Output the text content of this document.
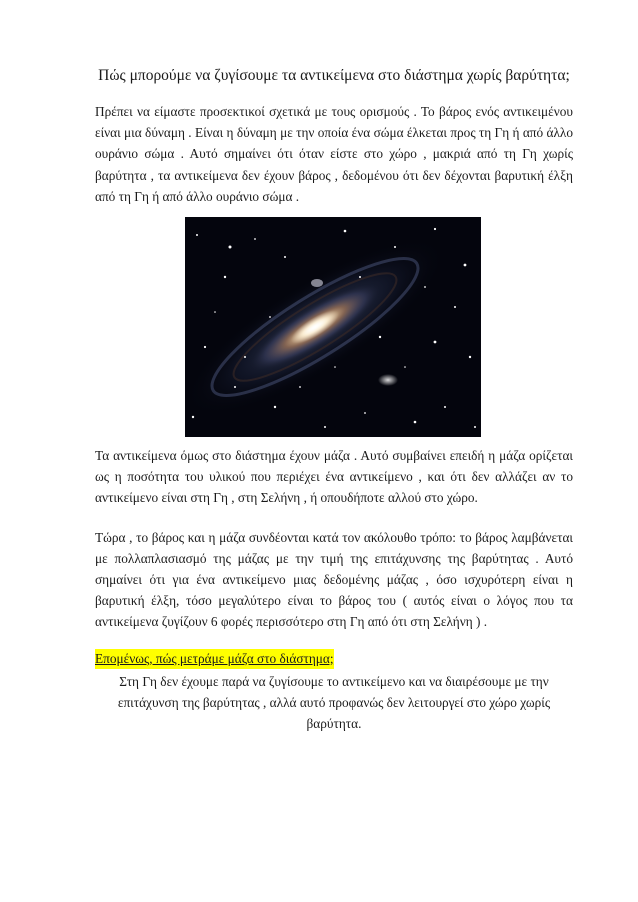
Πώς μπορούμε να ζυγίσουμε τα αντικείμενα στο διάστημα χωρίς βαρύτητα;

Πρέπει να είμαστε προσεκτικοί σχετικά με τους ορισμούς . Το βάρος ενός αντικειμένου είναι μια δύναμη . Είναι η δύναμη με την οποία ένα σώμα έλκεται προς τη Γη ή από άλλο ουράνιο σώμα . Αυτό σημαίνει ότι όταν είστε στο χώρο , μακριά από τη Γη χωρίς βαρύτητα , τα αντικείμενα δεν έχουν βάρος , δεδομένου ότι δεν δέχονται βαρυτική έλξη από τη Γη ή από άλλο ουράνιο σώμα .

Τα αντικείμενα όμως στο διάστημα έχουν μάζα . Αυτό συμβαίνει επειδή η μάζα ορίζεται ως η ποσότητα του υλικού που περιέχει ένα αντικείμενο , και ότι δεν αλλάζει αν το αντικείμενο είναι στη Γη , στη Σελήνη , ή οπουδήποτε αλλού στο χώρο.

Τώρα , το βάρος και η μάζα συνδέονται κατά τον ακόλουθο τρόπο: το βάρος λαμβάνεται με πολλαπλασιασμό της μάζας με την τιμή της επιτάχυνσης της βαρύτητας . Αυτό σημαίνει ότι για ένα αντικείμενο μιας δεδομένης μάζας , όσο ισχυρότερη είναι η βαρυτική έλξη, τόσο μεγαλύτερο είναι το βάρος του ( αυτός είναι ο λόγος που τα αντικείμενα ζυγίζουν 6 φορές περισσότερο στη Γη από ότι στη Σελήνη ) .

Επομένως, πώς μετράμε μάζα στο διάστημα;

Στη Γη δεν έχουμε παρά να ζυγίσουμε το αντικείμενο και να διαιρέσουμε με την επιτάχυνση της βαρύτητας , αλλά αυτό προφανώς δεν λειτουργεί στο χώρο χωρίς βαρύτητα.
